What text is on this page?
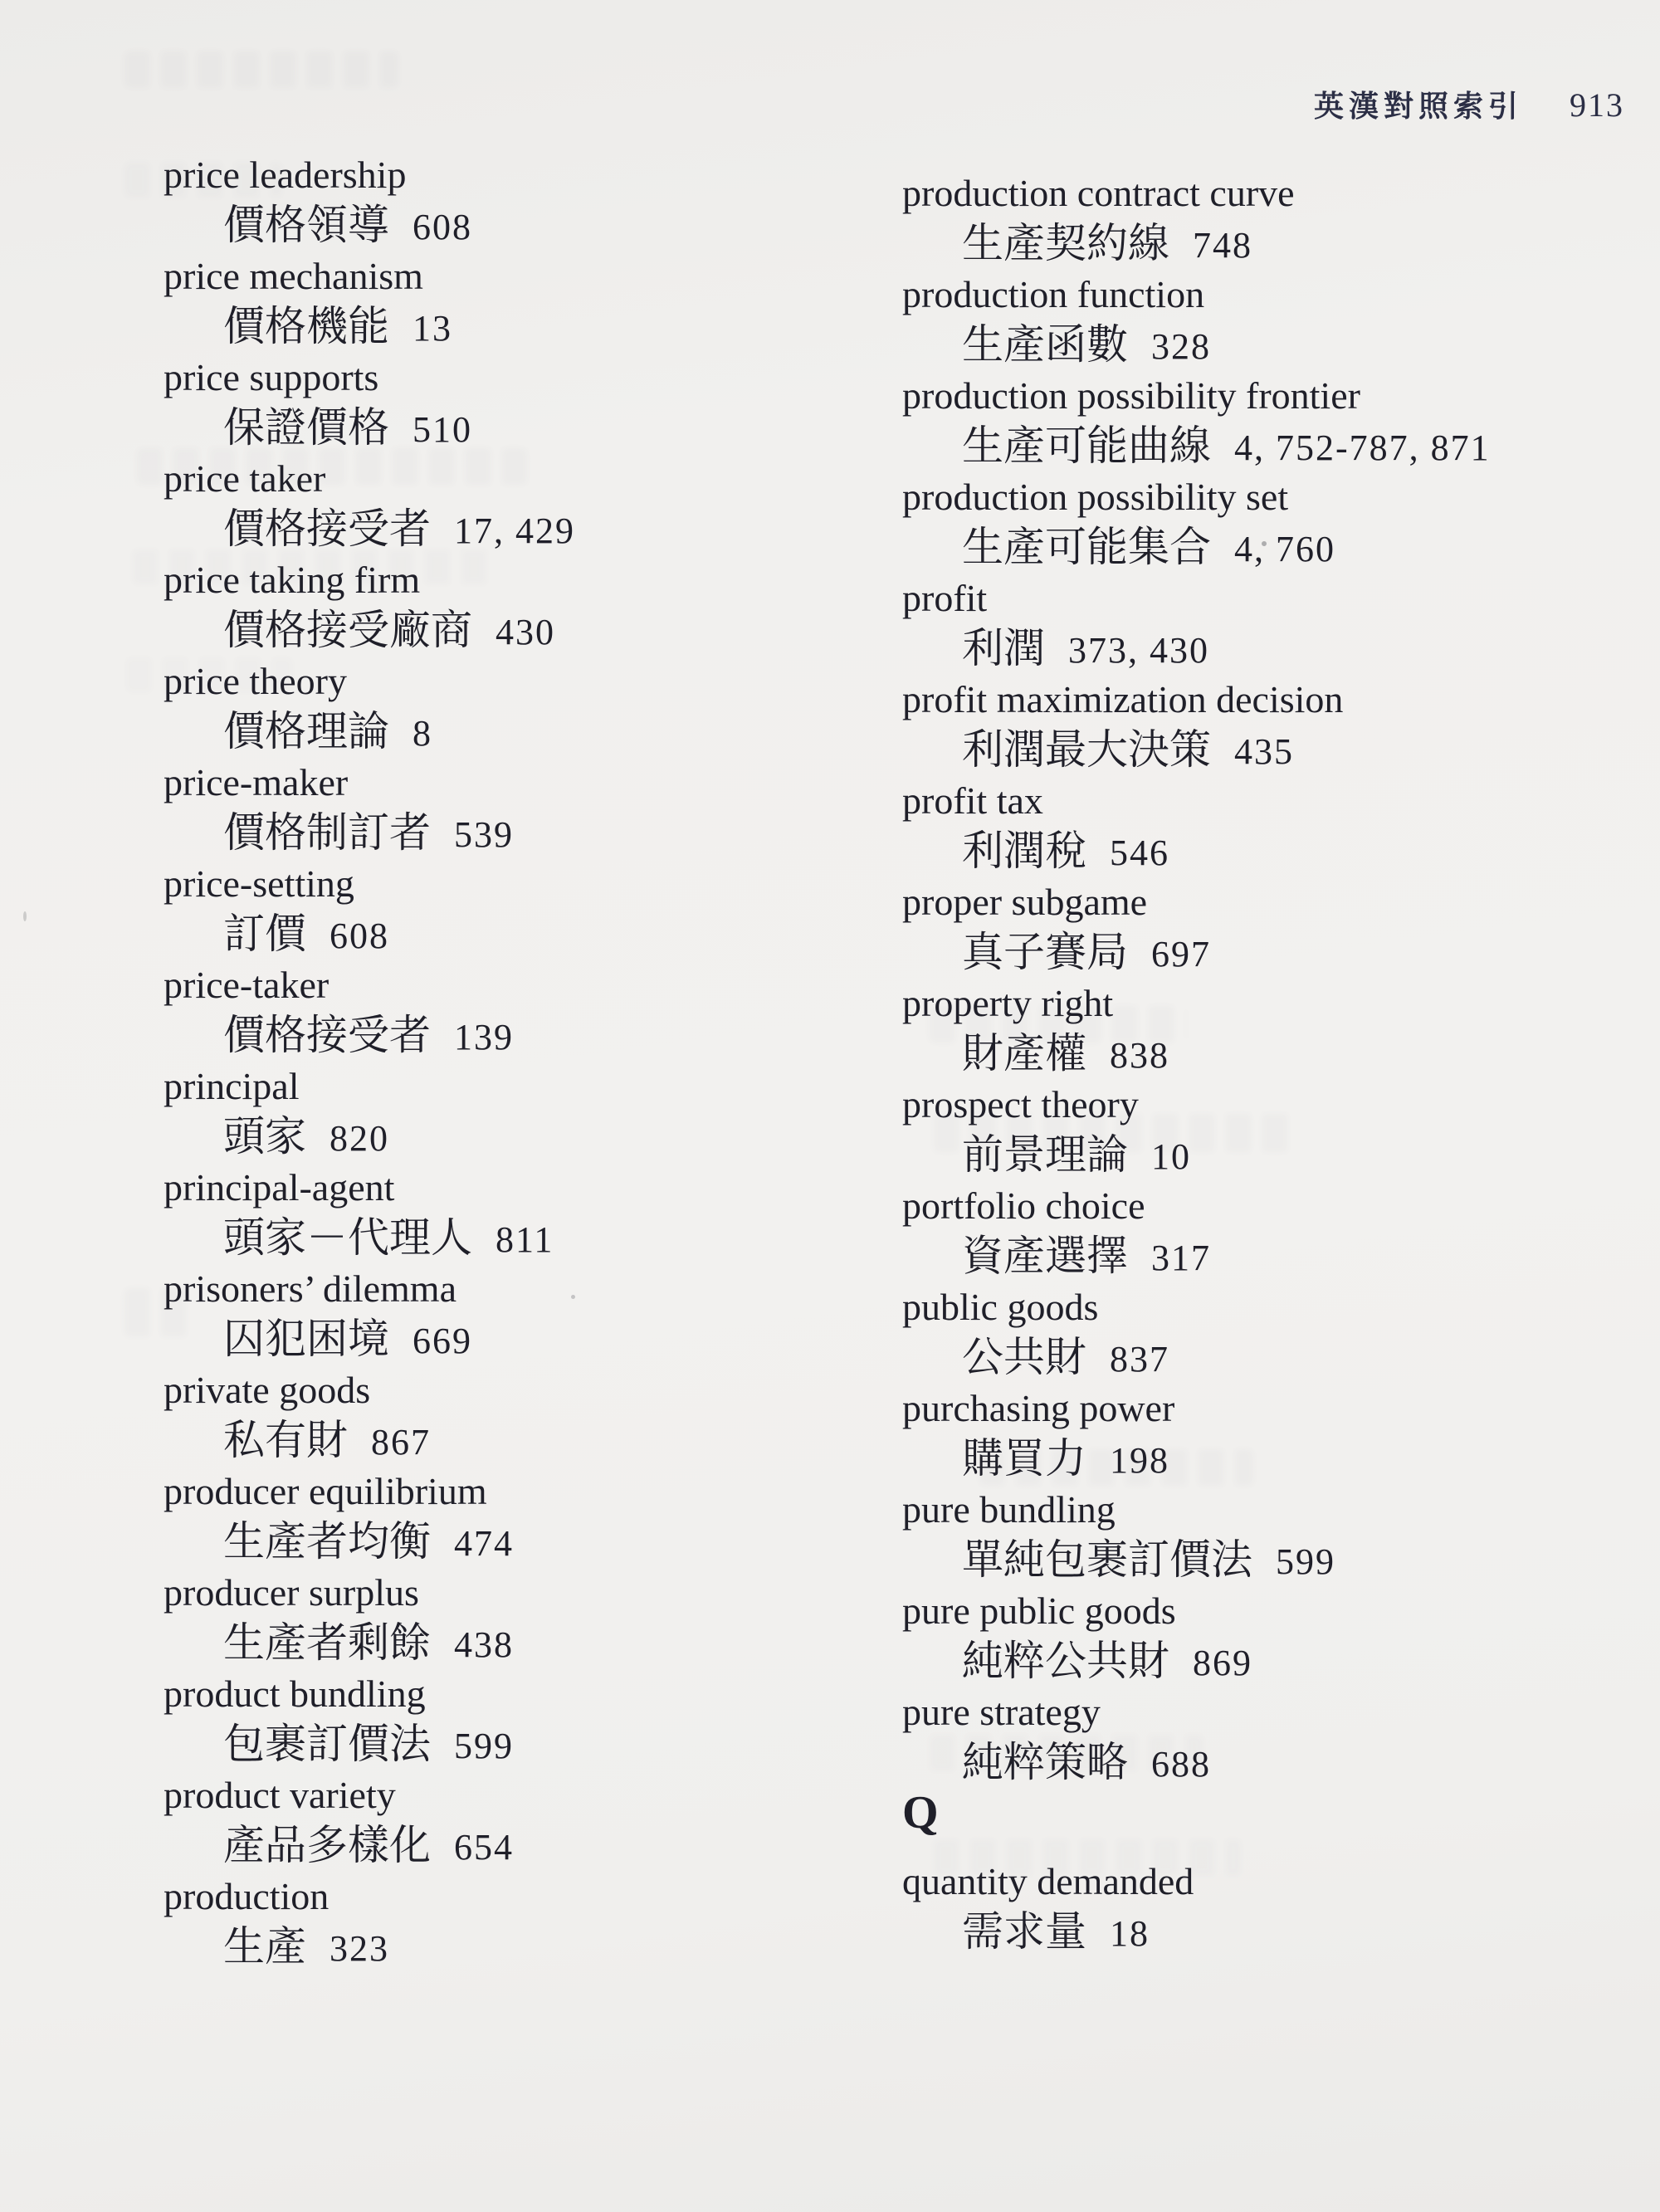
英漢對照索引 913
price leadership
價格領導 608
price mechanism
價格機能 13
price supports
保證價格 510
price taker
價格接受者 17, 429
price taking firm
價格接受廠商 430
price theory
價格理論 8
price-maker
價格制訂者 539
price-setting
訂價 608
price-taker
價格接受者 139
principal
頭家 820
principal-agent
頭家－代理人 811
prisoners’ dilemma
囚犯困境 669
private goods
私有財 867
producer equilibrium
生產者均衡 474
producer surplus
生產者剩餘 438
product bundling
包裹訂價法 599
product variety
產品多樣化 654
production
生產 323
production contract curve
生產契約線 748
production function
生產函數 328
production possibility frontier
生產可能曲線 4, 752-787, 871
production possibility set
生產可能集合 4, 760
profit
利潤 373, 430
profit maximization decision
利潤最大決策 435
profit tax
利潤稅 546
proper subgame
真子賽局 697
property right
財產權 838
prospect theory
前景理論 10
portfolio choice
資產選擇 317
public goods
公共財 837
purchasing power
購買力 198
pure bundling
單純包裹訂價法 599
pure public goods
純粹公共財 869
pure strategy
純粹策略 688
Q
quantity demanded
需求量 18
